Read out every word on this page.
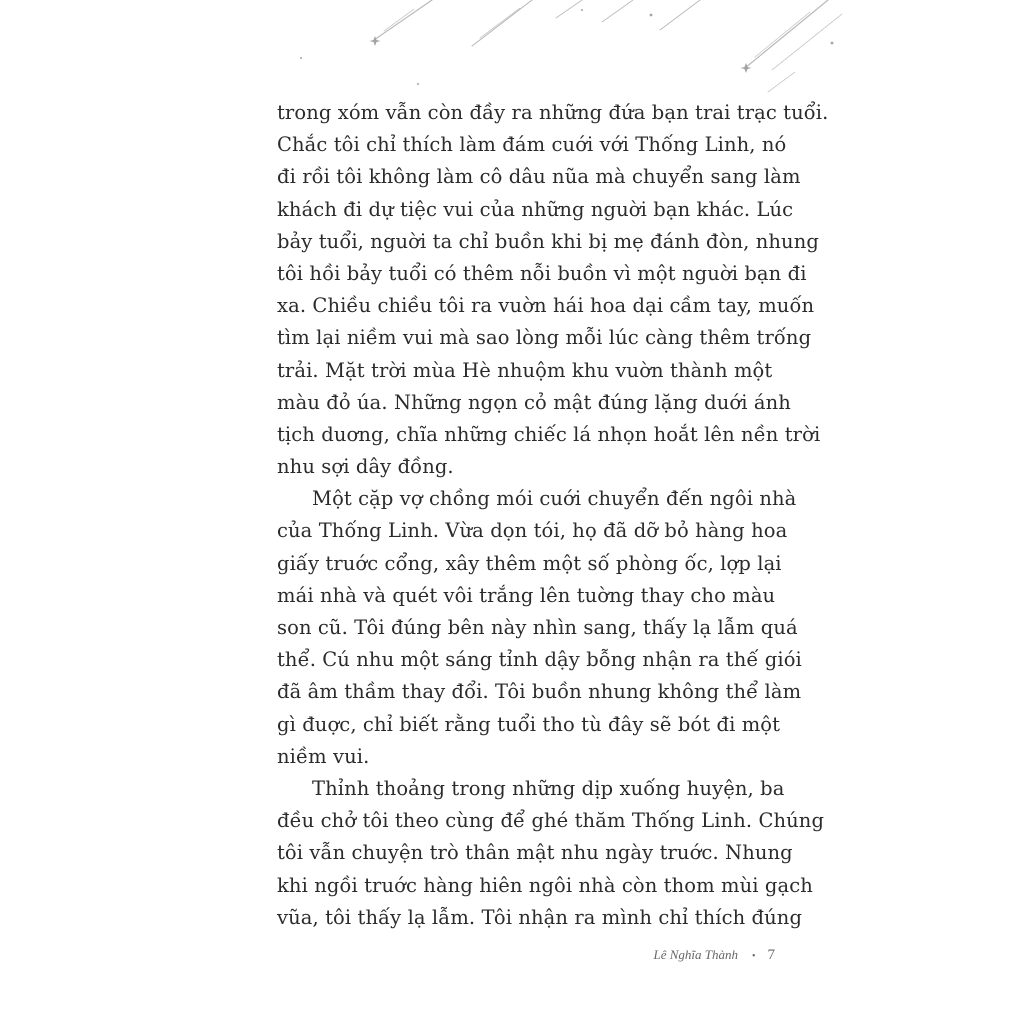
trong xóm vẫn còn đầy ra những đứa bạn trai trạc tuổi.
Chắc tôi chỉ thích làm đám cuới với Thống Linh, nó
đi rồi tôi không làm cô dâu nũa mà chuyển sang làm
khách đi dự tiệc vui của những nguời bạn khác. Lúc
bảy tuổi, nguời ta chỉ buồn khi bị mẹ đánh đòn, nhung
tôi hồi bảy tuổi có thêm nỗi buồn vì một nguời bạn đi
xa. Chiều chiều tôi ra vuờn hái hoa dại cầm tay, muốn
tìm lại niềm vui mà sao lòng mỗi lúc càng thêm trống
trải. Mặt trời mùa Hè nhuộm khu vuờn thành một
màu đỏ úa. Những ngọn cỏ mật đúng lặng duới ánh
tịch duơng, chĩa những chiếc lá nhọn hoắt lên nền trời
nhu sợi dây đồng.
Một cặp vợ chồng mói cuới chuyển đến ngôi nhà
của Thống Linh. Vừa dọn tói, họ đã dỡ bỏ hàng hoa
giấy truớc cổng, xây thêm một số phòng ốc, lợp lại
mái nhà và quét vôi trắng lên tuờng thay cho màu
son cũ. Tôi đúng bên này nhìn sang, thấy lạ lẫm quá
thể. Cú nhu một sáng tỉnh dậy bỗng nhận ra thế giói
đã âm thầm thay đổi. Tôi buồn nhung không thể làm
gì đuợc, chỉ biết rằng tuổi tho tù đây sẽ bót đi một
niềm vui.
Thỉnh thoảng trong những dịp xuống huyện, ba
đều chở tôi theo cùng để ghé thăm Thống Linh. Chúng
tôi vẫn chuyện trò thân mật nhu ngày truớc. Nhung
khi ngồi truớc hàng hiên ngôi nhà còn thom mùi gạch
vũa, tôi thấy lạ lẫm. Tôi nhận ra mình chỉ thích đúng
Lê Nghĩa Thành • 7
